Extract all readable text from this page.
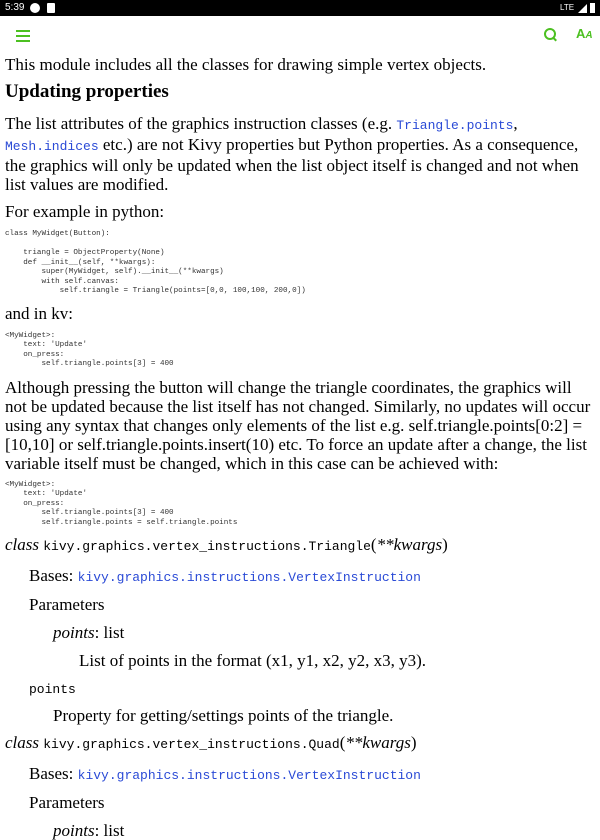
5:39	LTE
AA
This module includes all the classes for drawing simple vertex objects.
Updating properties
The list attributes of the graphics instruction classes (e.g. Triangle.points, Mesh.indices etc.) are not Kivy properties but Python properties. As a consequence, the graphics will only be updated when the list object itself is changed and not when list values are modified.
For example in python:
class MyWidget(Button):

triangle = ObjectProperty(None)
def __init__(self, **kwargs):
super(MyWidget, self).__init__(**kwargs)
with self.canvas:
self.triangle = Triangle(points=[0,0, 100,100, 200,0])
and in kv:
<MyWidget>:
text: 'Update'
on_press:
self.triangle.points[3] = 400
Although pressing the button will change the triangle coordinates, the graphics will not be updated because the list itself has not changed. Similarly, no updates will occur using any syntax that changes only elements of the list e.g. self.triangle.points[0:2] = [10,10] or self.triangle.points.insert(10) etc. To force an update after a change, the list variable itself must be changed, which in this case can be achieved with:
<MyWidget>:
text: 'Update'
on_press:
self.triangle.points[3] = 400
self.triangle.points = self.triangle.points
class kivy.graphics.vertex_instructions.Triangle(**kwargs)
Bases: kivy.graphics.instructions.VertexInstruction
Parameters
points: list
List of points in the format (x1, y1, x2, y2, x3, y3).
points
Property for getting/settings points of the triangle.
class kivy.graphics.vertex_instructions.Quad(**kwargs)
Bases: kivy.graphics.instructions.VertexInstruction
Parameters
points: list
